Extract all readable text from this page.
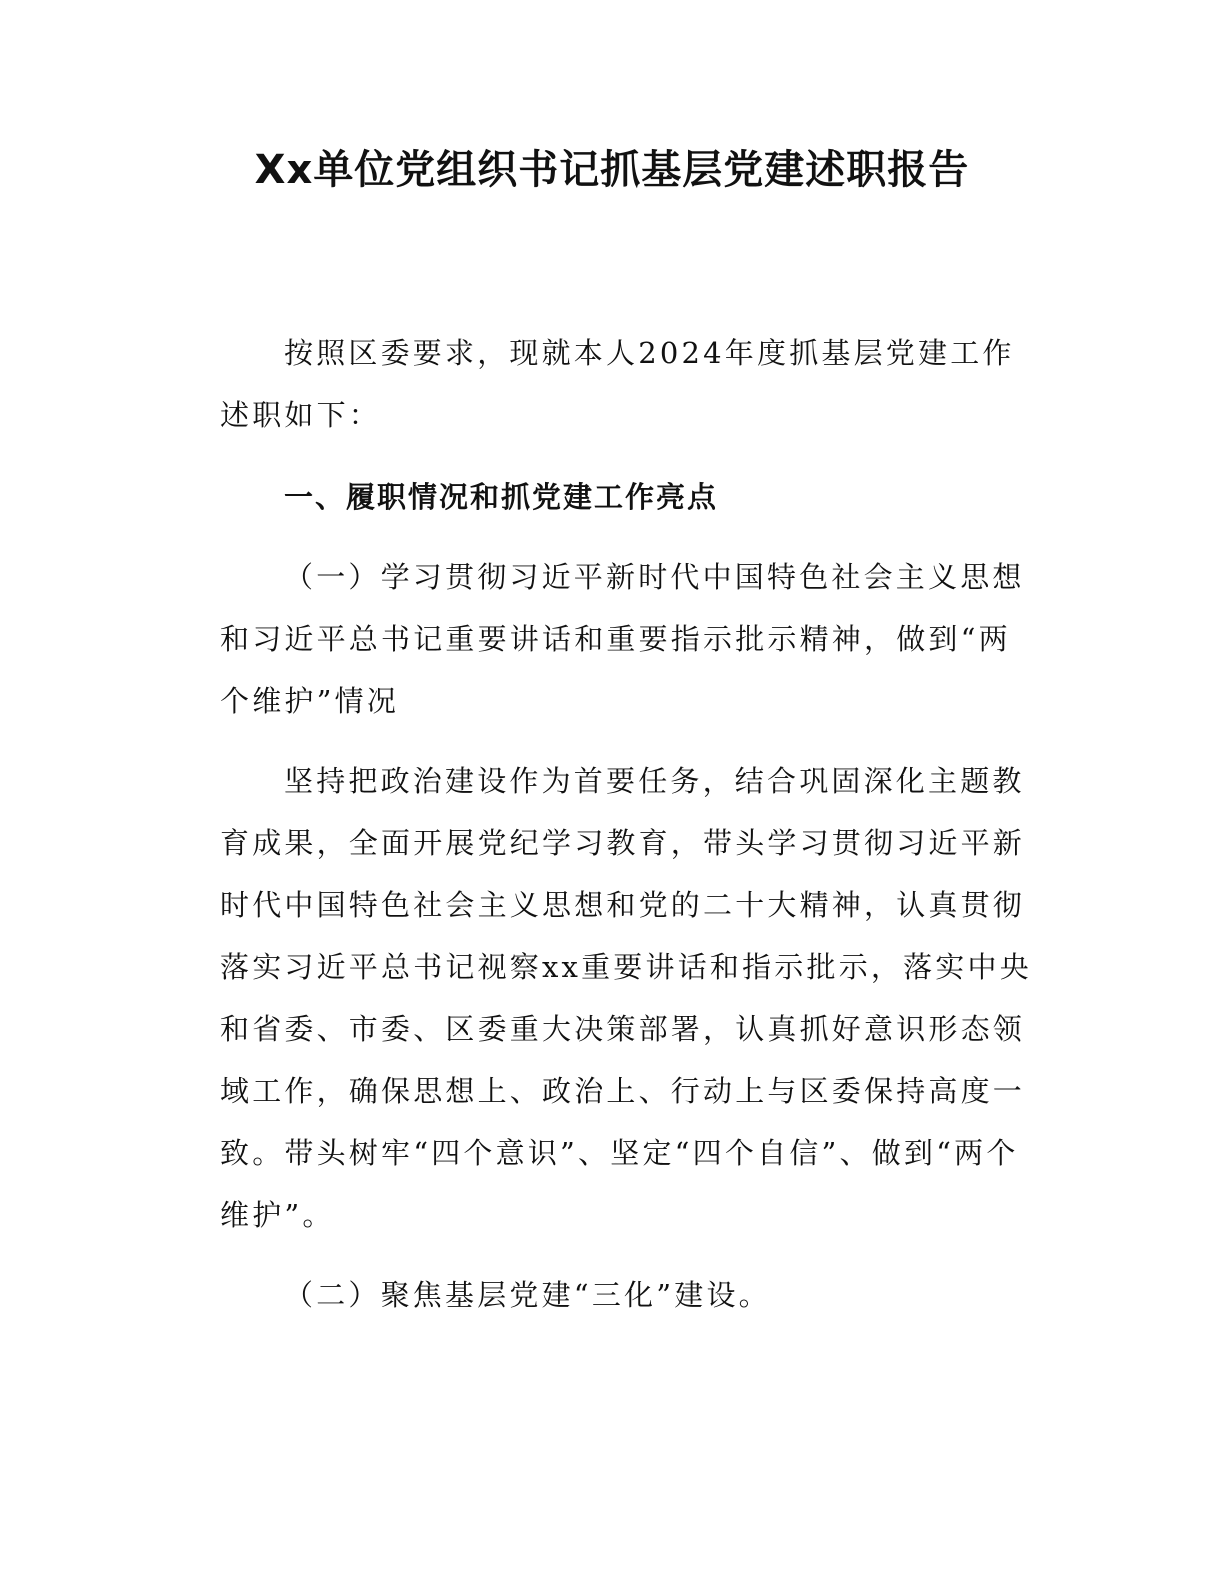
Xx单位党组织书记抓基层党建述职报告

按照区委要求，现就本人2024年度抓基层党建工作述职如下：

一、履职情况和抓党建工作亮点

（一）学习贯彻习近平新时代中国特色社会主义思想和习近平总书记重要讲话和重要指示批示精神，做到“两个维护”情况

坚持把政治建设作为首要任务，结合巩固深化主题教育成果，全面开展党纪学习教育，带头学习贯彻习近平新时代中国特色社会主义思想和党的二十大精神，认真贯彻落实习近平总书记视察xx重要讲话和指示批示，落实中央和省委、市委、区委重大决策部署，认真抓好意识形态领域工作，确保思想上、政治上、行动上与区委保持高度一致。带头树牢“四个意识”、坚定“四个自信”、做到“两个维护”。

（二）聚焦基层党建“三化”建设。
